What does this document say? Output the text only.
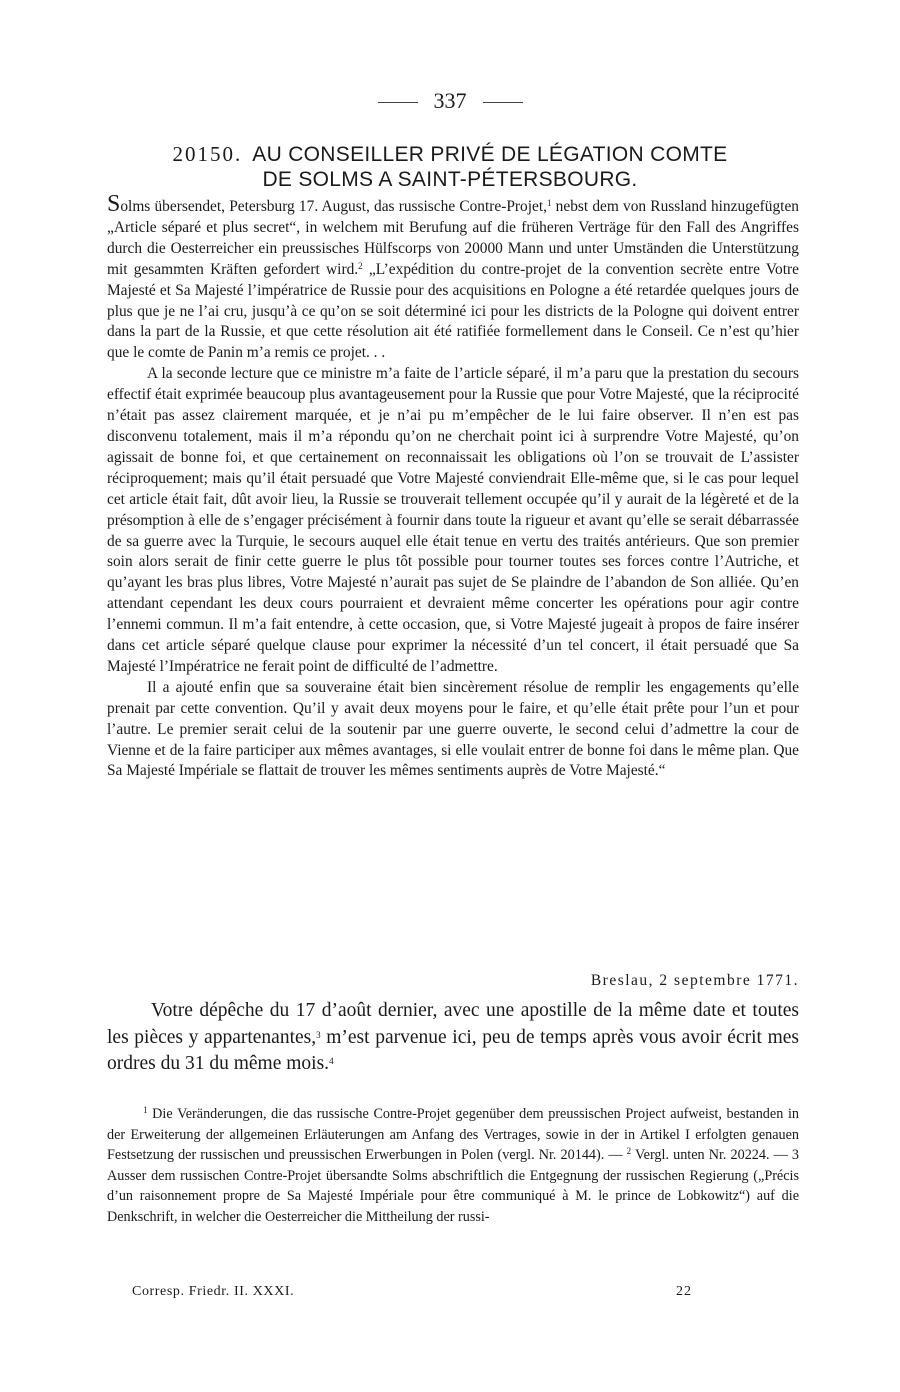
337
20150. AU CONSEILLER PRIVÉ DE LÉGATION COMTE
DE SOLMS A SAINT-PÉTERSBOURG.

Solms übersendet, Petersburg 17. August, das russische Contre-Projet,$^1$ nebst dem von Russland hinzugefügten „Article séparé et plus secret“, in welchem mit Berufung auf die früheren Verträge für den Fall des Angriffes durch die Oesterreicher ein preussisches Hülfscorps von 20000 Mann und unter Umständen die Unterstützung mit gesammten Kräften gefordert wird.$^2$ „L’expédition du contre-projet de la convention secrète entre Votre Majesté et Sa Majesté l’impératrice de Russie pour des acquisitions en Pologne a été retardée quelques jours de plus que je ne l’ai cru, jusqu’à ce qu’on se soit déterminé ici pour les districts de la Pologne qui doivent entrer dans la part de la Russie, et que cette résolution ait été ratifiée formellement dans le Conseil. Ce n’est qu’hier que le comte de Panin m’a remis ce projet. . .

A la seconde lecture que ce ministre m’a faite de l’article séparé, il m’a paru que la prestation du secours effectif était exprimée beaucoup plus avantageusement pour la Russie que pour Votre Majesté, que la réciprocité n’était pas assez clairement marquée, et je n’ai pu m’empêcher de le lui faire observer. Il n’en est pas disconvenu totalement, mais il m’a répondu qu’on ne cherchait point ici à surprendre Votre Majesté, qu’on agissait de bonne foi, et que certainement on reconnaissait les obligations où l’on se trouvait de L’assister réciproquement; mais qu’il était persuadé que Votre Majesté conviendrait Elle-même que, si le cas pour lequel cet article était fait, dût avoir lieu, la Russie se trouverait tellement occupée qu’il y aurait de la légèreté et de la présomption à elle de s’engager précisément à fournir dans toute la rigueur et avant qu’elle se serait débarrassée de sa guerre avec la Turquie, le secours auquel elle était tenue en vertu des traités antérieurs. Que son premier soin alors serait de finir cette guerre le plus tôt possible pour tourner toutes ses forces contre l’Autriche, et qu’ayant les bras plus libres, Votre Majesté n’aurait pas sujet de Se plaindre de l’abandon de Son alliée. Qu’en attendant cependant les deux cours pourraient et devraient même concerter les opérations pour agir contre l’ennemi commun. Il m’a fait entendre, à cette occasion, que, si Votre Majesté jugeait à propos de faire insérer dans cet article séparé quelque clause pour exprimer la nécessité d’un tel concert, il était persuadé que Sa Majesté l’Impératrice ne ferait point de difficulté de l’admettre.

Il a ajouté enfin que sa souveraine était bien sincèrement résolue de remplir les engagements qu’elle prenait par cette convention. Qu’il y avait deux moyens pour le faire, et qu’elle était prête pour l’un et pour l’autre. Le premier serait celui de la soutenir par une guerre ouverte, le second celui d’admettre la cour de Vienne et de la faire participer aux mêmes avantages, si elle voulait entrer de bonne foi dans le même plan. Que Sa Majesté Impériale se flattait de trouver les mêmes sentiments auprès de Votre Majesté.“

Breslau, 2 septembre 1771.

Votre dépêche du 17 d’août dernier, avec une apostille de la même date et toutes les pièces y appartenantes,$^3$ m’est parvenue ici, peu de temps après vous avoir écrit mes ordres du 31 du même mois.$^4$

$^1$ Die Veränderungen, die das russische Contre-Projet gegenüber dem preussischen Project aufweist, bestanden in der Erweiterung der allgemeinen Erläuterungen am Anfang des Vertrages, sowie in der in Artikel I erfolgten genauen Festsetzung der russischen und preussischen Erwerbungen in Polen (vergl. Nr. 20144). — $^2$ Vergl. unten Nr. 20224. — 3 Ausser dem russischen Contre-Projet übersandte Solms abschriftlich die Entgegnung der russischen Regierung („Précis d’un raisonnement propre de Sa Majesté Impériale pour être communiqué à M. le prince de Lobkowitz“) auf die Denkschrift, in welcher die Oesterreicher die Mittheilung der russi-

Corresp. Friedr. II. XXXI.	22
